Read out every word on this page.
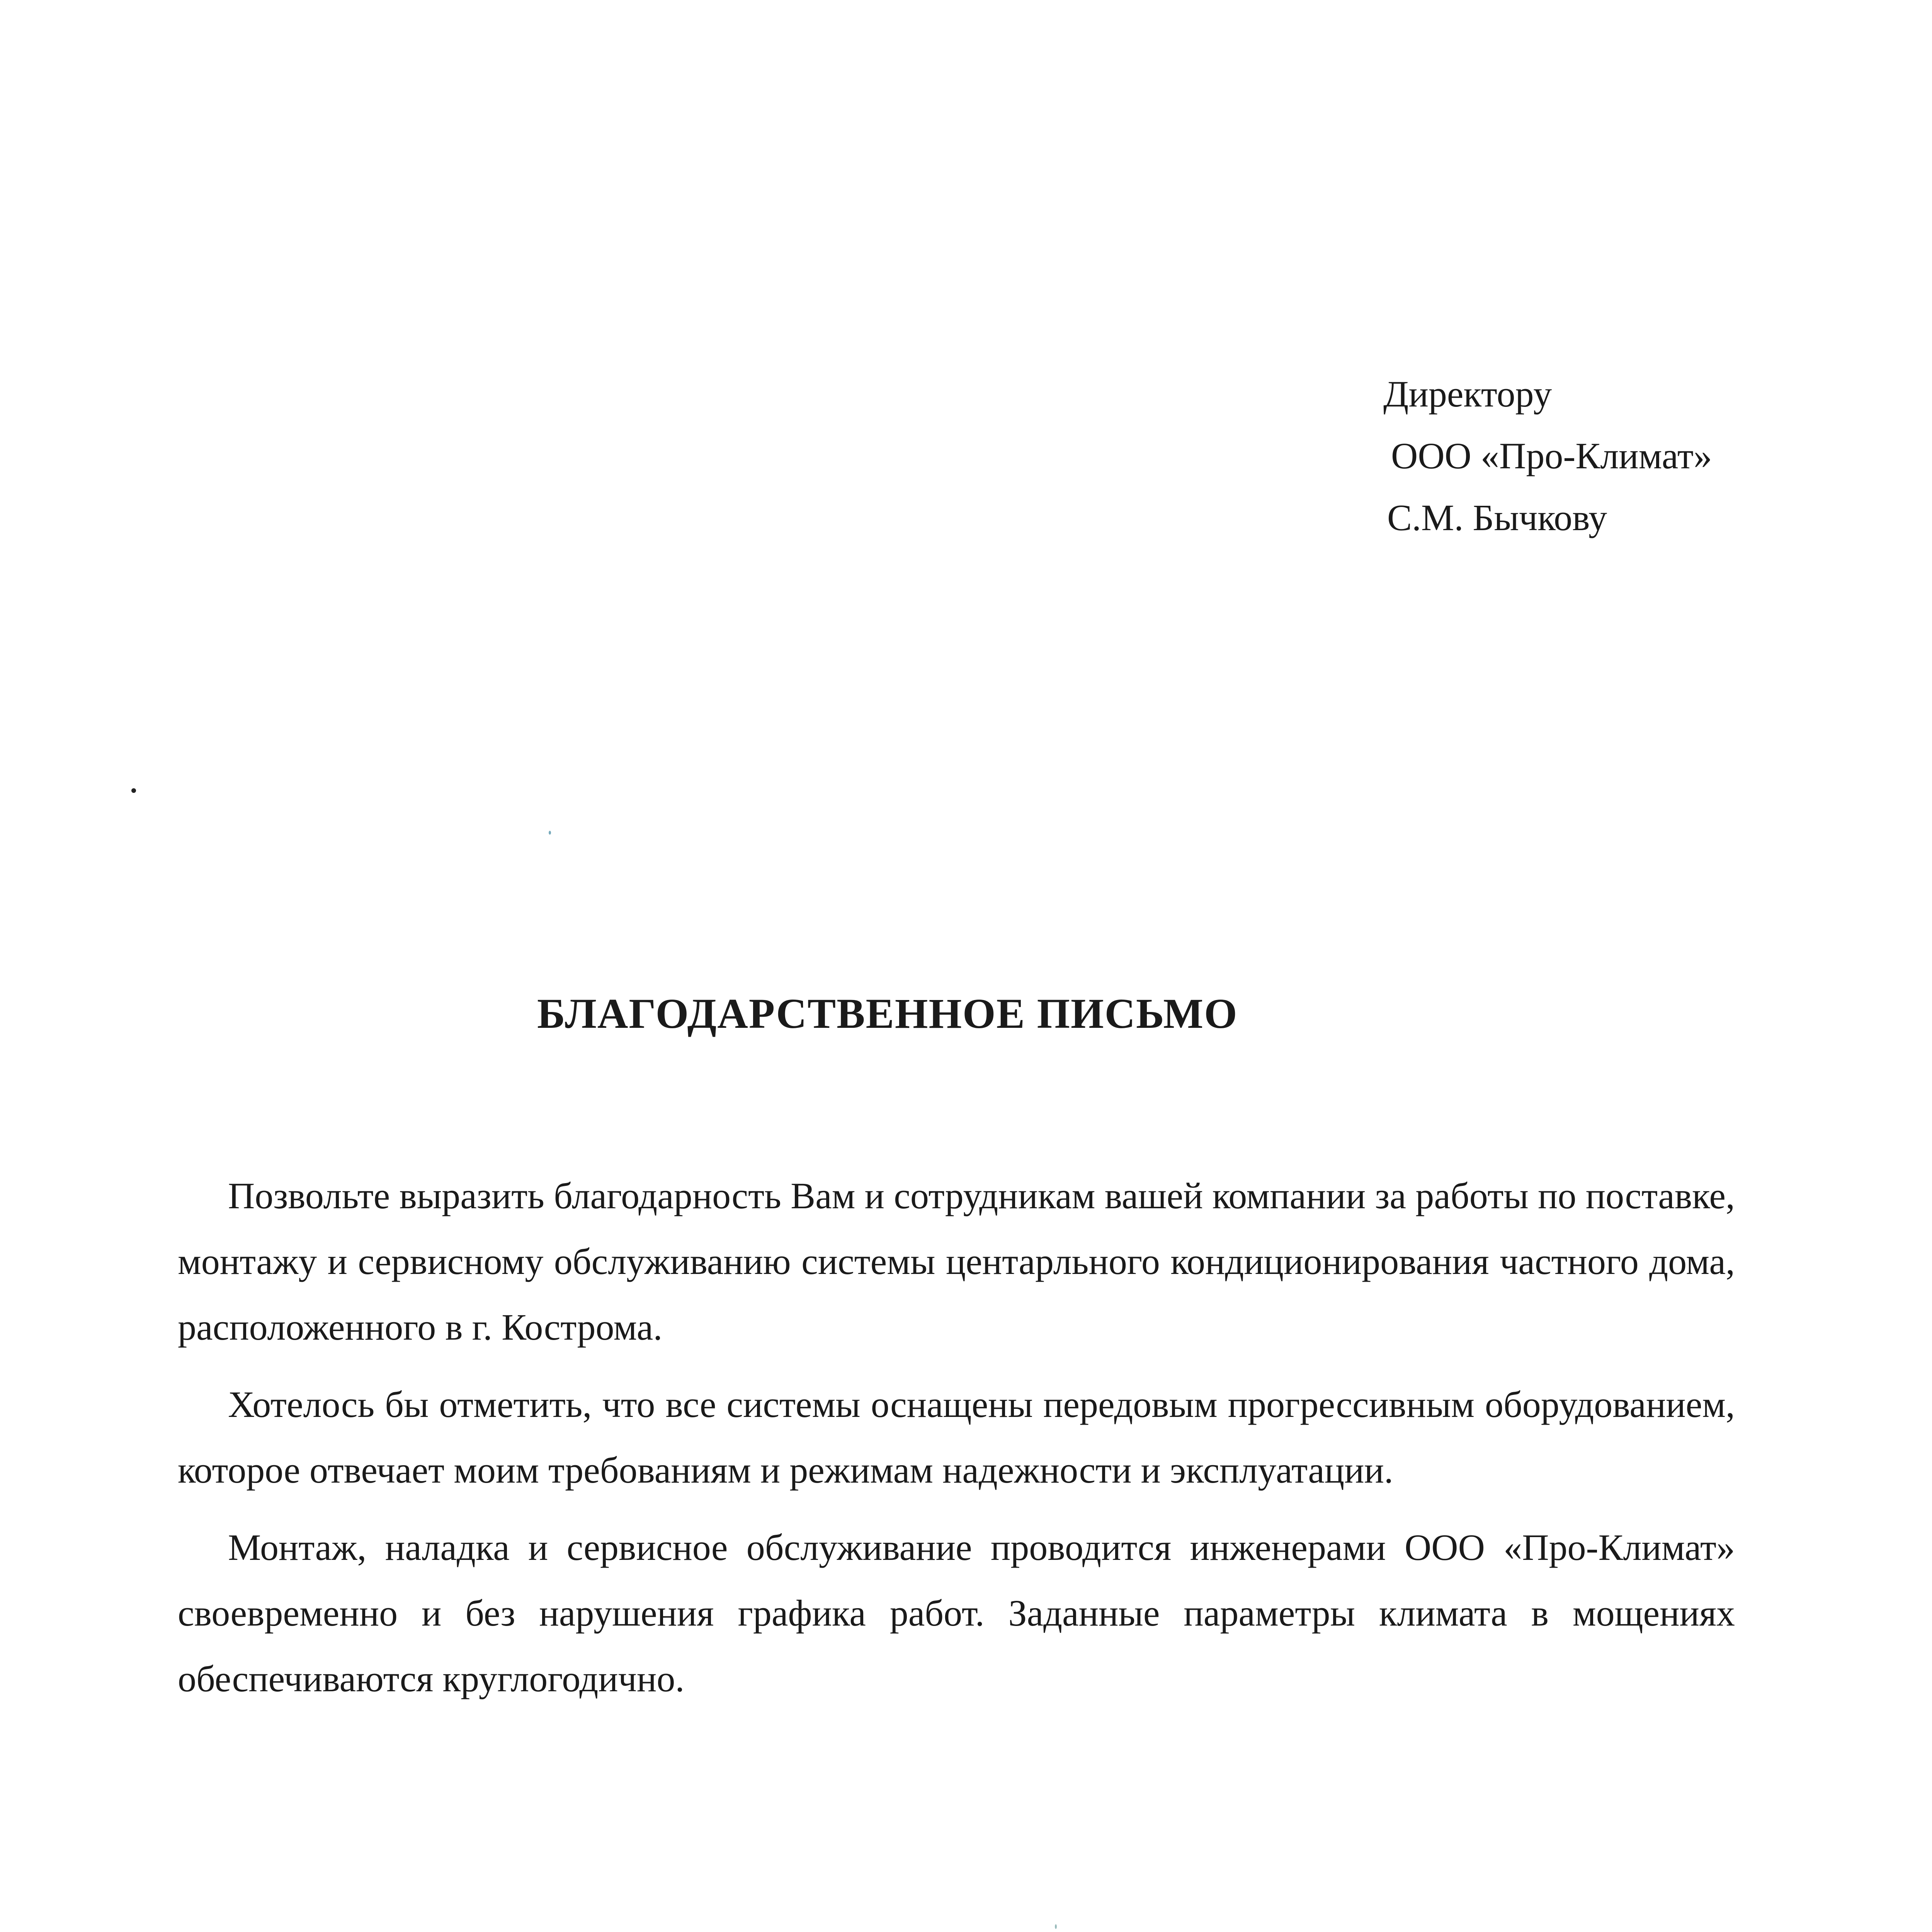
Директору
ООО «Про-Климат»
С.М. Бычкову
БЛАГОДАРСТВЕННОЕ ПИСЬМО

Позвольте выразить благодарность Вам и сотрудникам вашей компании за работы по поставке, монтажу и сервисному обслуживанию системы центарльного кондиционирования частного дома, расположенного в г. Кострома.

Хотелось бы отметить, что все системы оснащены передовым прогрессивным оборудованием, которое отвечает моим требованиям и режимам надежности и эксплуатации.

Монтаж, наладка и сервисное обслуживание проводится инженерами ООО «Про-Климат» своевременно и без нарушения графика работ. Заданные параметры климата в мощениях обеспечиваются круглогодично.
